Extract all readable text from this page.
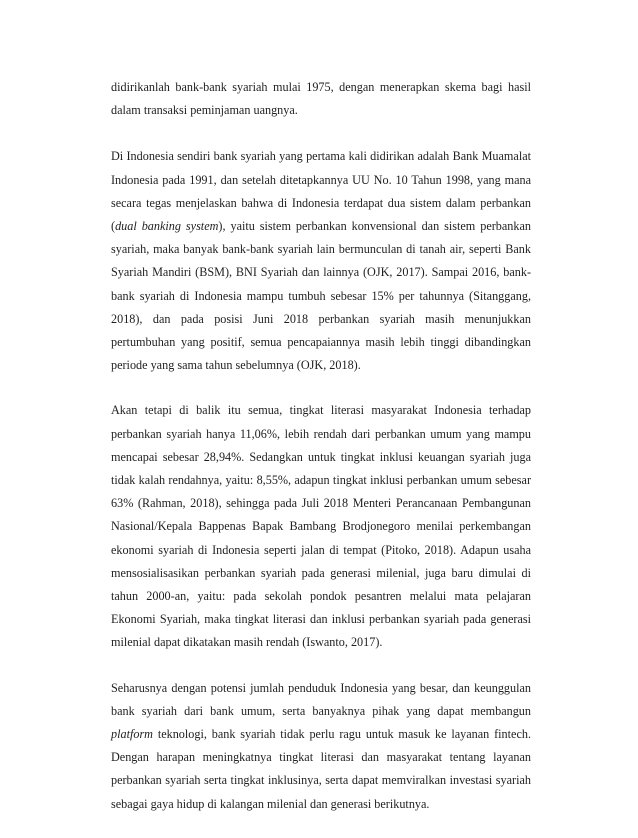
didirikanlah bank-bank syariah mulai 1975, dengan menerapkan skema bagi hasil dalam transaksi peminjaman uangnya.

Di Indonesia sendiri bank syariah yang pertama kali didirikan adalah Bank Muamalat Indonesia pada 1991, dan setelah ditetapkannya UU No. 10 Tahun 1998, yang mana secara tegas menjelaskan bahwa di Indonesia terdapat dua sistem dalam perbankan (dual banking system), yaitu sistem perbankan konvensional dan sistem perbankan syariah, maka banyak bank-bank syariah lain bermunculan di tanah air, seperti Bank Syariah Mandiri (BSM), BNI Syariah dan lainnya (OJK, 2017). Sampai 2016, bank-bank syariah di Indonesia mampu tumbuh sebesar 15% per tahunnya (Sitanggang, 2018), dan pada posisi Juni 2018 perbankan syariah masih menunjukkan pertumbuhan yang positif, semua pencapaiannya masih lebih tinggi dibandingkan periode yang sama tahun sebelumnya (OJK, 2018).

Akan tetapi di balik itu semua, tingkat literasi masyarakat Indonesia terhadap perbankan syariah hanya 11,06%, lebih rendah dari perbankan umum yang mampu mencapai sebesar 28,94%. Sedangkan untuk tingkat inklusi keuangan syariah juga tidak kalah rendahnya, yaitu: 8,55%, adapun tingkat inklusi perbankan umum sebesar 63% (Rahman, 2018), sehingga pada Juli 2018 Menteri Perancanaan Pembangunan Nasional/Kepala Bappenas Bapak Bambang Brodjonegoro menilai perkembangan ekonomi syariah di Indonesia seperti jalan di tempat (Pitoko, 2018). Adapun usaha mensosialisasikan perbankan syariah pada generasi milenial, juga baru dimulai di tahun 2000-an, yaitu: pada sekolah pondok pesantren melalui mata pelajaran Ekonomi Syariah, maka tingkat literasi dan inklusi perbankan syariah pada generasi milenial dapat dikatakan masih rendah (Iswanto, 2017).

Seharusnya dengan potensi jumlah penduduk Indonesia yang besar, dan keunggulan bank syariah dari bank umum, serta banyaknya pihak yang dapat membangun platform teknologi, bank syariah tidak perlu ragu untuk masuk ke layanan fintech. Dengan harapan meningkatnya tingkat literasi dan masyarakat tentang layanan perbankan syariah serta tingkat inklusinya, serta dapat memviralkan investasi syariah sebagai gaya hidup di kalangan milenial dan generasi berikutnya.
